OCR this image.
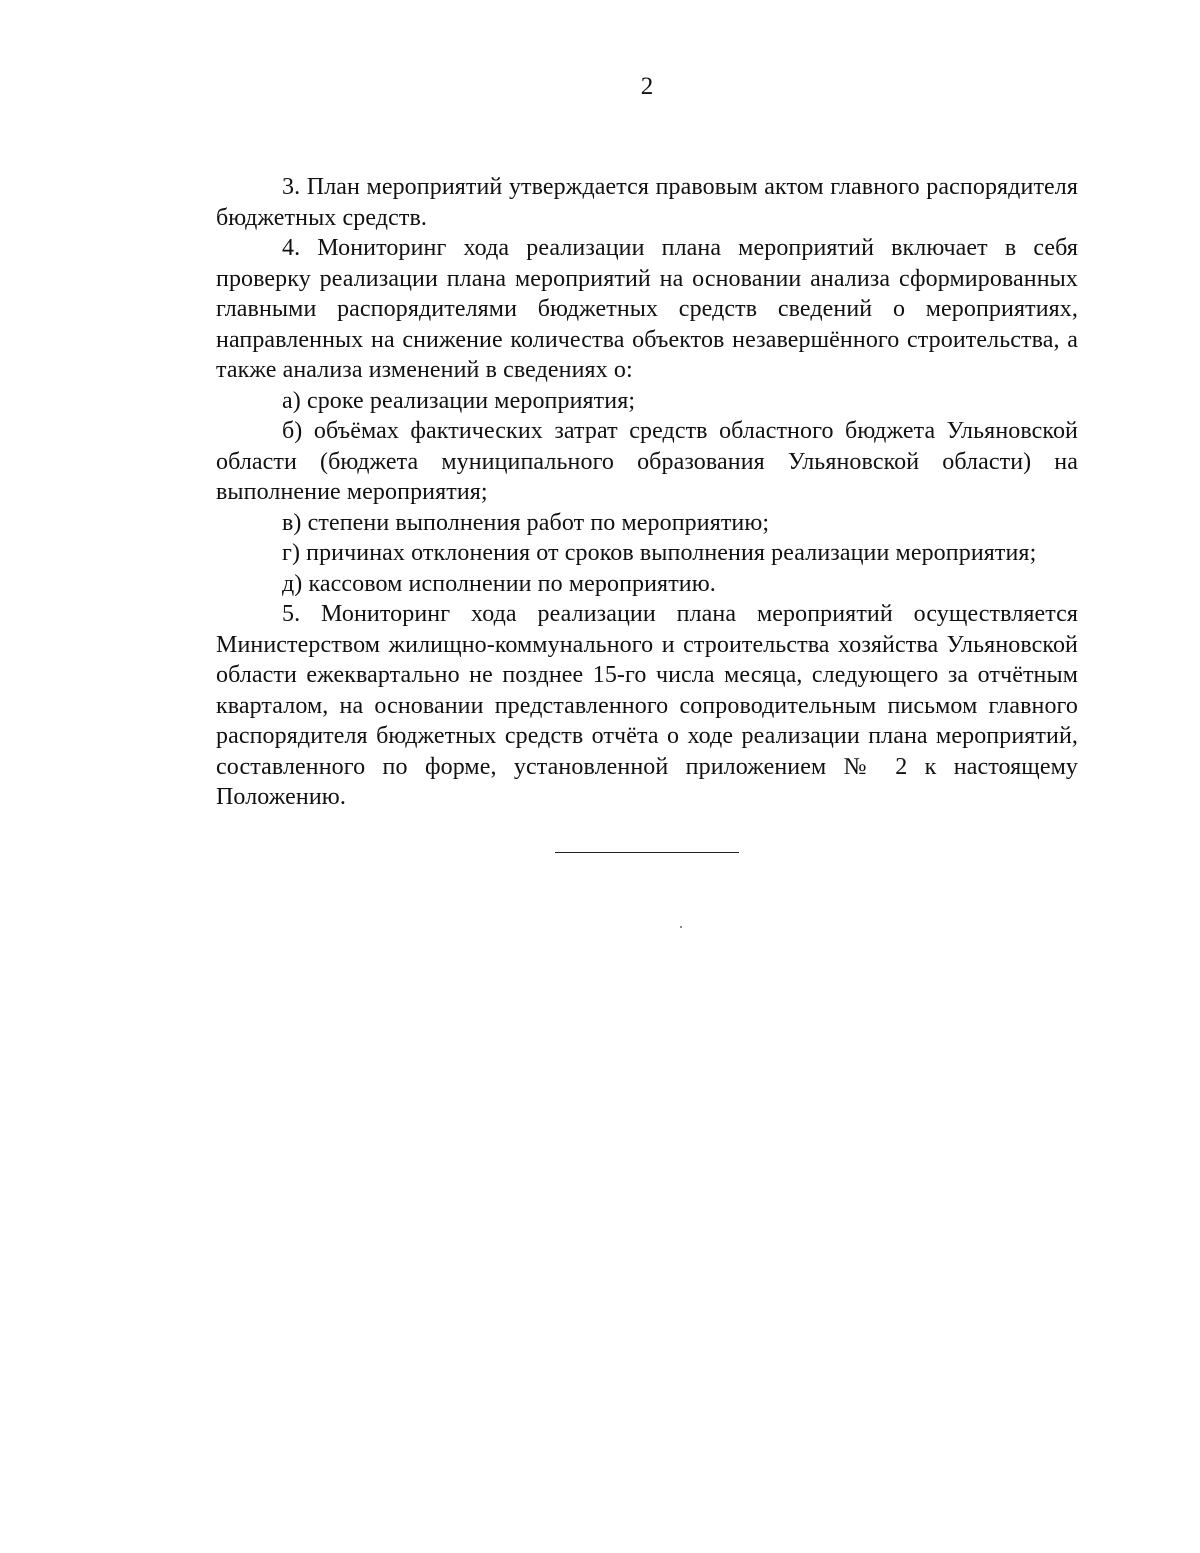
2

3. План мероприятий утверждается правовым актом главного распорядителя бюджетных средств.

4. Мониторинг хода реализации плана мероприятий включает в себя проверку реализации плана мероприятий на основании анализа сформированных главными распорядителями бюджетных средств сведений о мероприятиях, направленных на снижение количества объектов незавершённого строительства, а также анализа изменений в сведениях о:

а) сроке реализации мероприятия;

б) объёмах фактических затрат средств областного бюджета Ульяновской области (бюджета муниципального образования Ульяновской области) на выполнение мероприятия;

в) степени выполнения работ по мероприятию;

г) причинах отклонения от сроков выполнения реализации мероприятия;

д) кассовом исполнении по мероприятию.

5. Мониторинг хода реализации плана мероприятий осуществляется Министерством жилищно-коммунального и строительства хозяйства Ульяновской области ежеквартально не позднее 15-го числа месяца, следующего за отчётным кварталом, на основании представленного сопроводительным письмом главного распорядителя бюджетных средств отчёта о ходе реализации плана мероприятий, составленного по форме, установленной приложением № 2 к настоящему Положению.
